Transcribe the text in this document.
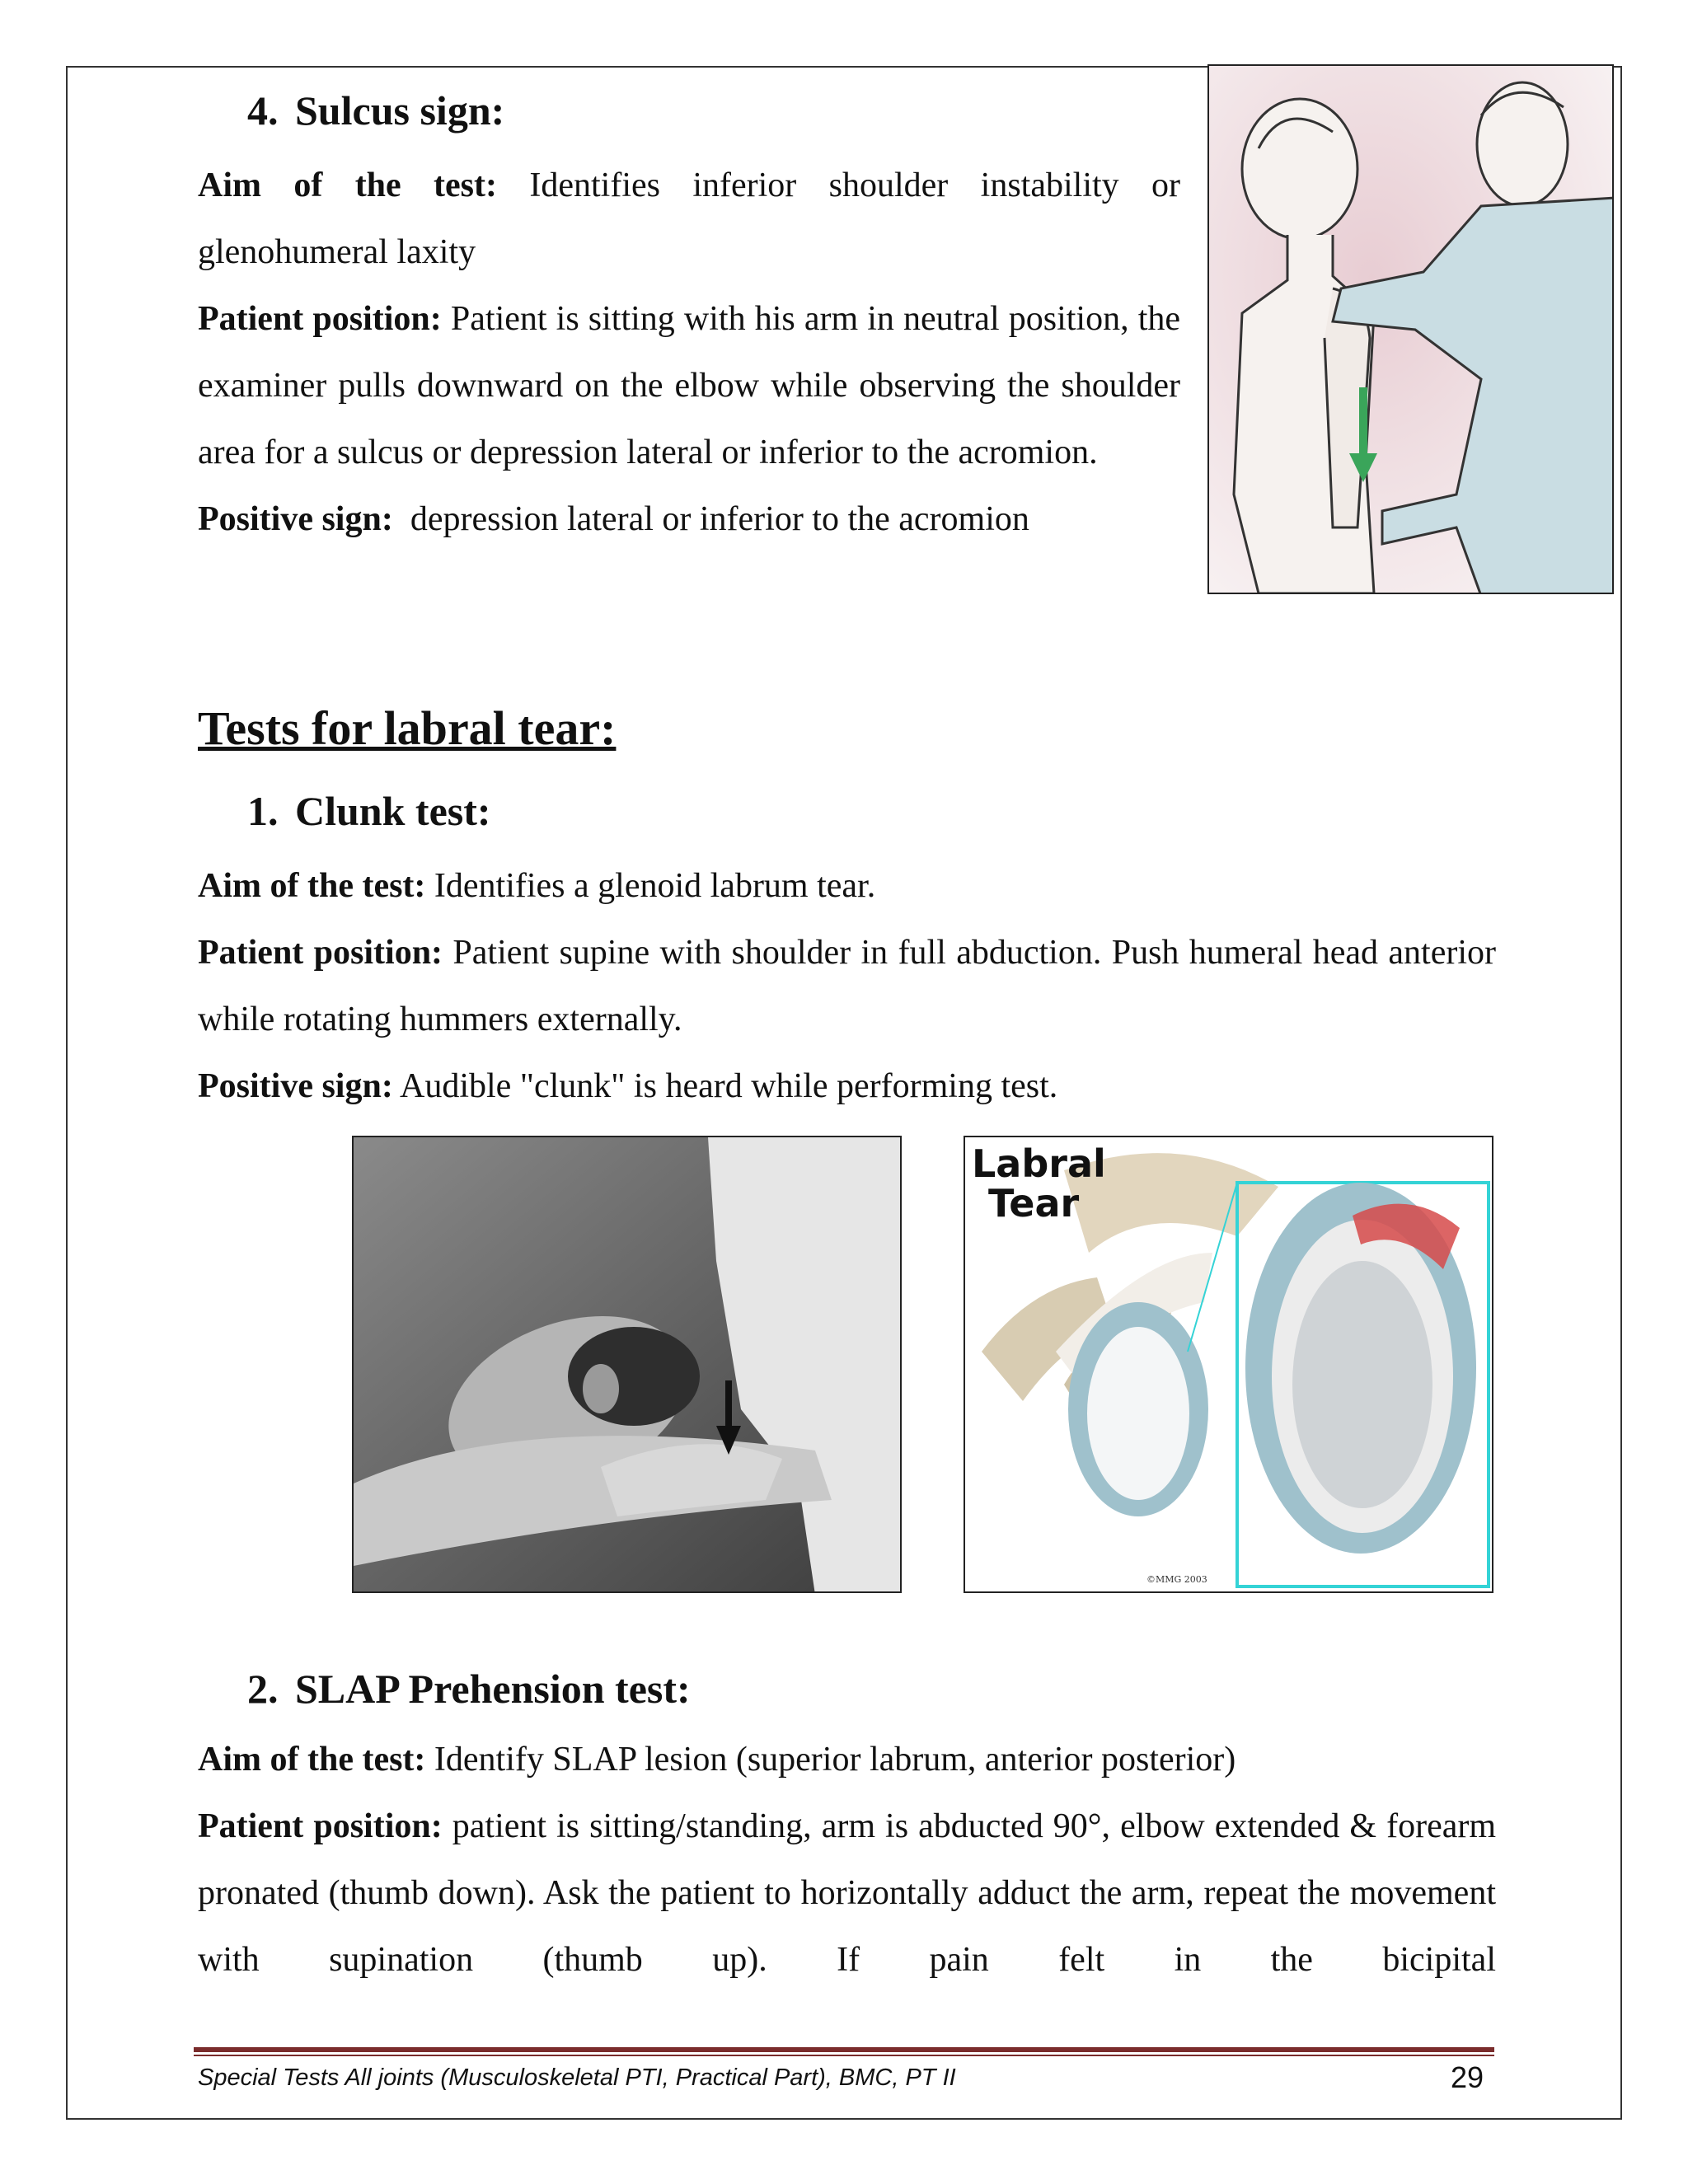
4. Sulcus sign:

Aim of the test: Identifies inferior shoulder instability or glenohumeral laxity

Patient position: Patient is sitting with his arm in neutral position, the examiner pulls downward on the elbow while observing the shoulder area for a sulcus or depression lateral or inferior to the acromion.

Positive sign: depression lateral or inferior to the acromion

Tests for labral tear:
1. Clunk test:

Aim of the test: Identifies a glenoid labrum tear.

Patient position: Patient supine with shoulder in full abduction. Push humeral head anterior while rotating hummers externally.

Positive sign: Audible "clunk" is heard while performing test.

Labral
Tear
©MMG 2003
2. SLAP Prehension test:

Aim of the test: Identify SLAP lesion (superior labrum, anterior posterior)

Patient position: patient is sitting/standing, arm is abducted 90°, elbow extended & forearm pronated (thumb down). Ask the patient to horizontally adduct the arm, repeat the movement with supination (thumb up). If pain felt in the bicipital

Special Tests All joints (Musculoskeletal PTI, Practical Part), BMC, PT II	29
